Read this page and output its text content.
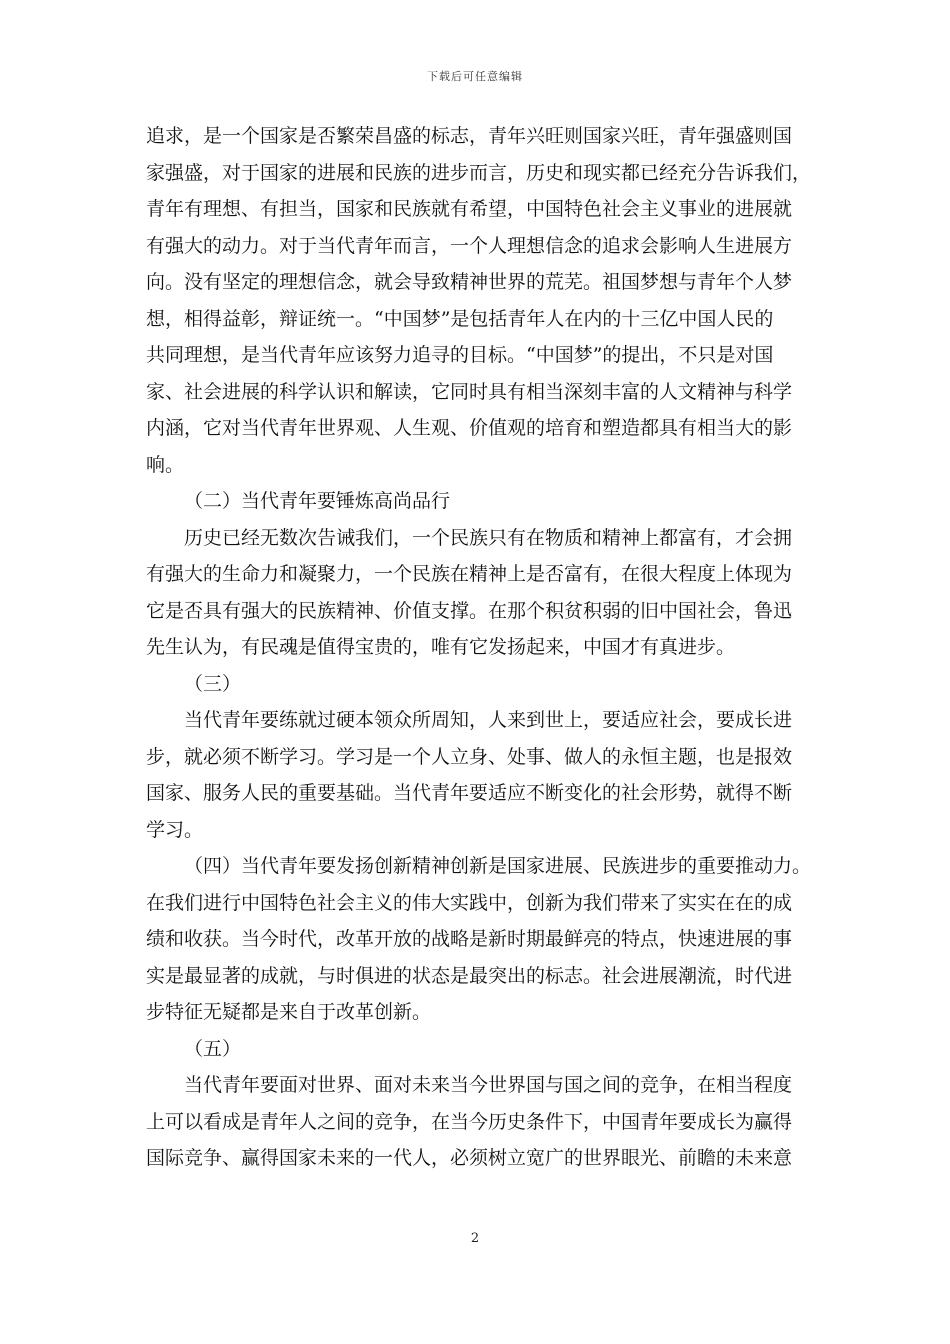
下载后可任意编辑
追求，是一个国家是否繁荣昌盛的标志，青年兴旺则国家兴旺，青年强盛则国
家强盛，对于国家的进展和民族的进步而言，历史和现实都已经充分告诉我们，
青年有理想、有担当，国家和民族就有希望，中国特色社会主义事业的进展就
有强大的动力。对于当代青年而言，一个人理想信念的追求会影响人生进展方
向。没有坚定的理想信念，就会导致精神世界的荒芜。祖国梦想与青年个人梦
想，相得益彰，辩证统一。“中国梦”是包括青年人在内的十三亿中国人民的
共同理想，是当代青年应该努力追寻的目标。“中国梦”的提出，不只是对国
家、社会进展的科学认识和解读，它同时具有相当深刻丰富的人文精神与科学
内涵，它对当代青年世界观、人生观、价值观的培育和塑造都具有相当大的影
响。
（二）当代青年要锤炼高尚品行
历史已经无数次告诫我们，一个民族只有在物质和精神上都富有，才会拥
有强大的生命力和凝聚力，一个民族在精神上是否富有，在很大程度上体现为
它是否具有强大的民族精神、价值支撑。在那个积贫积弱的旧中国社会，鲁迅
先生认为，有民魂是值得宝贵的，唯有它发扬起来，中国才有真进步。
（三）
当代青年要练就过硬本领众所周知，人来到世上，要适应社会，要成长进
步，就必须不断学习。学习是一个人立身、处事、做人的永恒主题，也是报效
国家、服务人民的重要基础。当代青年要适应不断变化的社会形势，就得不断
学习。
（四）当代青年要发扬创新精神创新是国家进展、民族进步的重要推动力。
在我们进行中国特色社会主义的伟大实践中，创新为我们带来了实实在在的成
绩和收获。当今时代，改革开放的战略是新时期最鲜亮的特点，快速进展的事
实是最显著的成就，与时俱进的状态是最突出的标志。社会进展潮流，时代进
步特征无疑都是来自于改革创新。
（五）
当代青年要面对世界、面对未来当今世界国与国之间的竞争，在相当程度
上可以看成是青年人之间的竞争，在当今历史条件下，中国青年要成长为赢得
国际竞争、赢得国家未来的一代人，必须树立宽广的世界眼光、前瞻的未来意
2
